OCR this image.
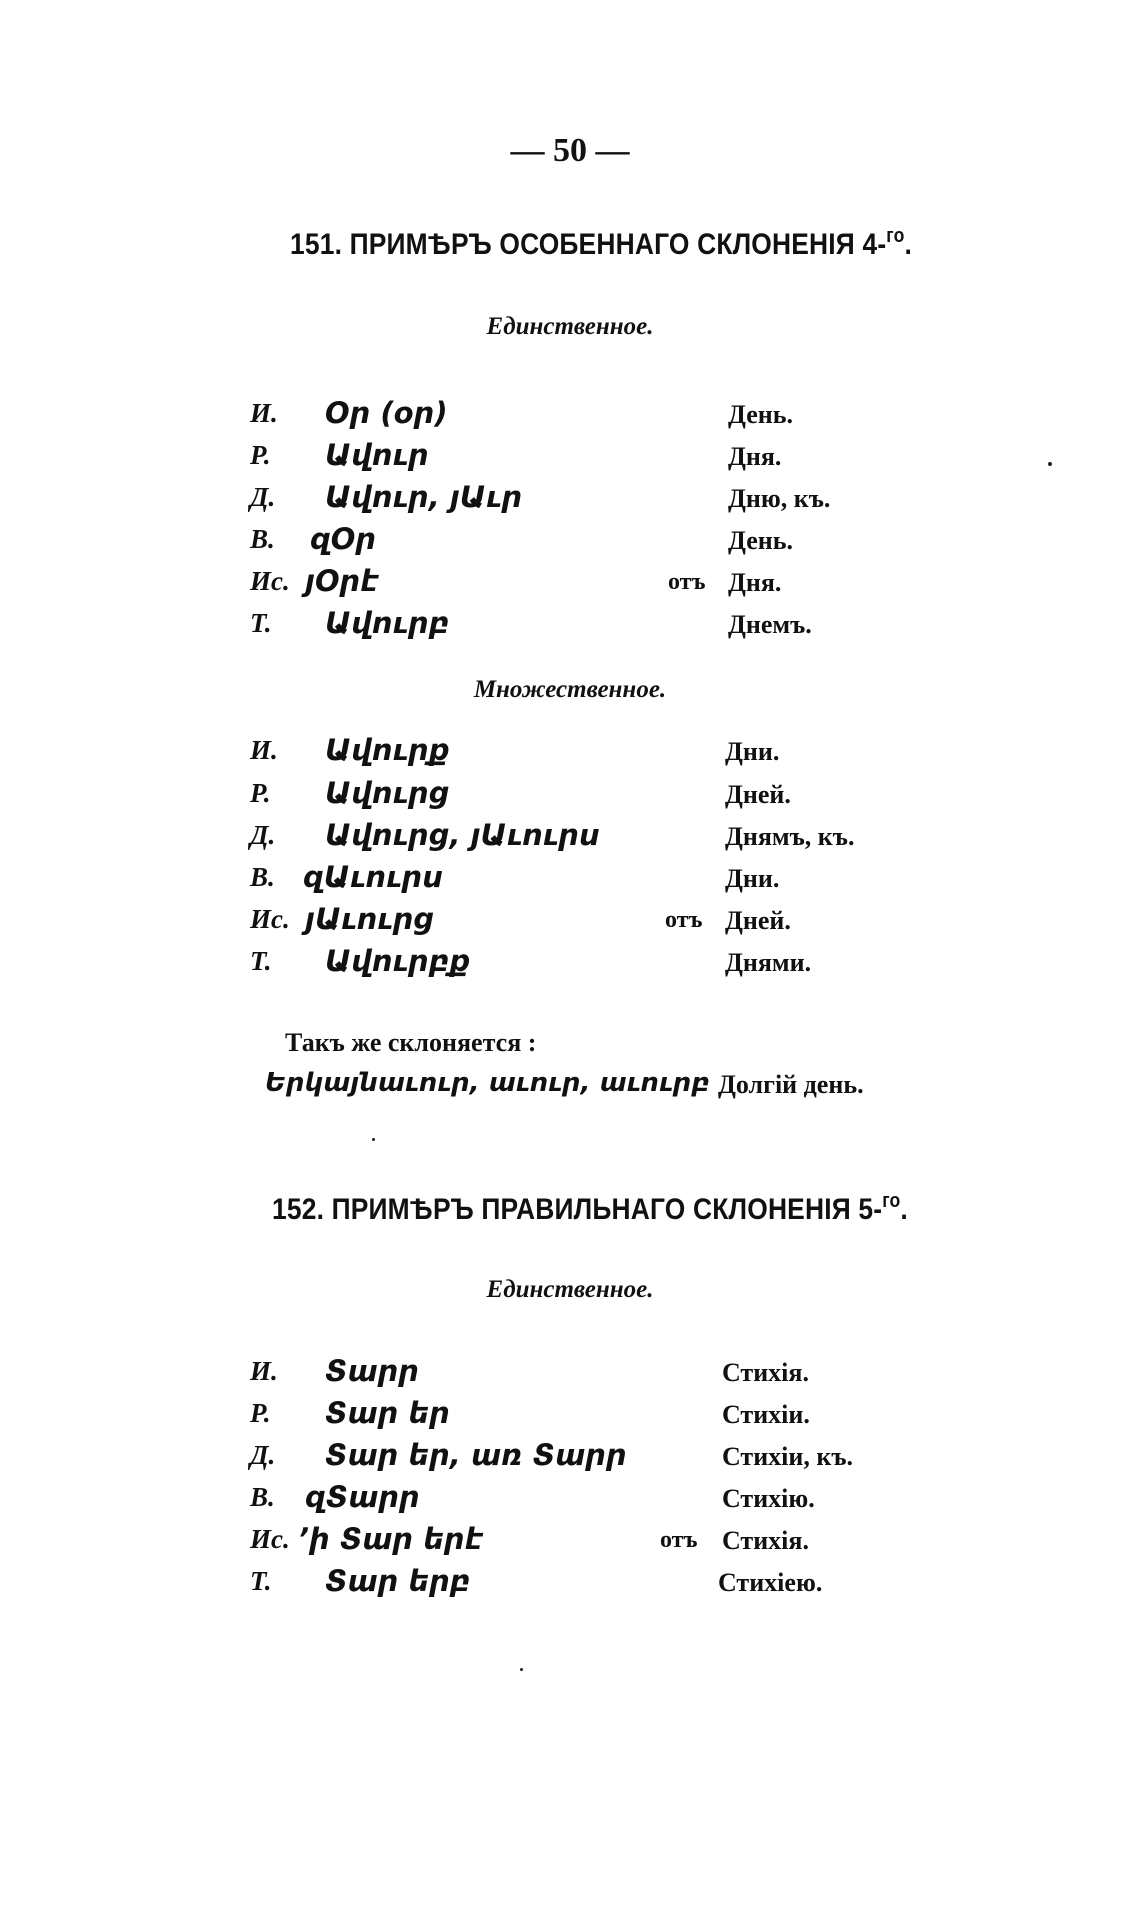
— 50 —
151. ПРИМѢРЪ ОСОБЕННАГО СКЛОНЕНІЯ 4-$^{го}$.
Единственное.
И. Օր (օր)	День.
Р. Ավուր	Дня.
Д. Ավուր, յԱւր	Дню, къ.
В. զՕր	День.
Ис. յՕրէ	отъ Дня.
Т. Ավուրբ	Днемъ.
Множественное.
И. Ավուրք	Дни.
Р. Ավուրց	Дней.
Д. Ավուրց, յԱւուրս	Днямъ, къ.
В. զԱւուրս	Дни.
Ис. յԱւուրց	отъ Дней.
Т. Ավուրբք	Днями.
Такъ же склоняется :
Երկայնաւուր, աւուր, աւուրբ Долгій день.
152. ПРИМѢРЪ ПРАВИЛЬНАГО СКЛОНЕНІЯ 5-$^{го}$.
Единственное.
И. Տարր	Стихія.
Р. Տար եր	Стихіи.
Д. Տար եր, առ Տարր	Стихіи, къ.
В. զՏարր	Стихію.
Ис. ՚ի Տար երէ	отъ Стихія.
Т. Տար երբ	Стихіею.
